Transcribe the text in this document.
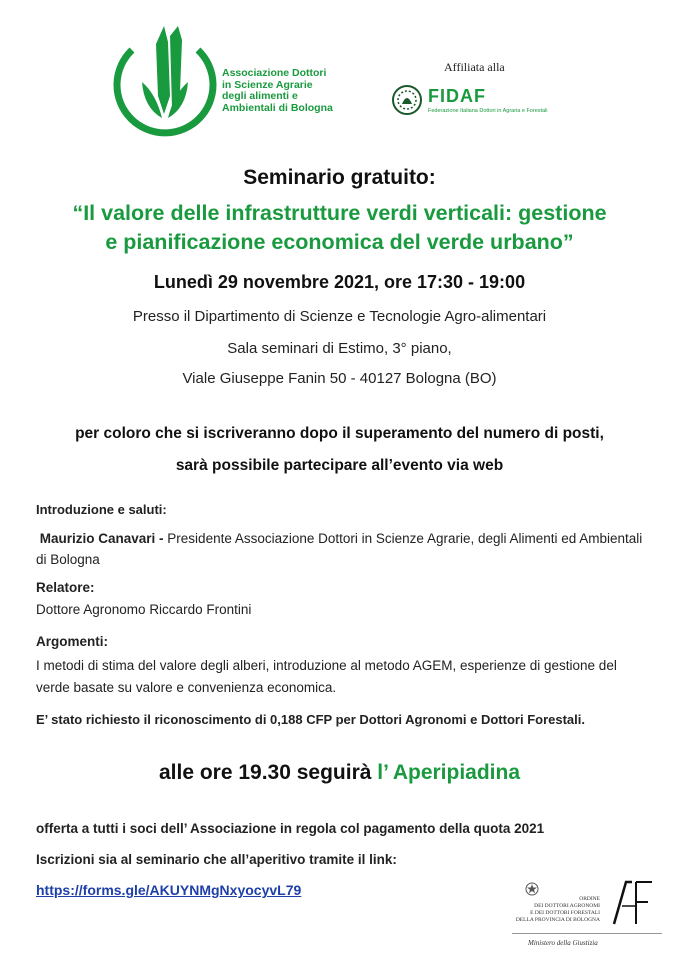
Associazione Dottori
in Scienze Agrarie
degli alimenti e
Ambientali di Bologna
Affiliata alla
FIDAF
Federazione Italiana Dottori in Agraria e Forestali
Seminario gratuito:
“Il valore delle infrastrutture verdi verticali: gestione
e pianificazione economica del verde urbano”
Lunedì 29 novembre 2021, ore 17:30 - 19:00
Presso il Dipartimento di Scienze e Tecnologie Agro-alimentari
Sala seminari di Estimo, 3° piano,
Viale Giuseppe Fanin 50 - 40127 Bologna (BO)
per coloro che si iscriveranno dopo il superamento del numero di posti,
sarà possibile partecipare all’evento via web
Introduzione e saluti:
Maurizio Canavari - Presidente Associazione Dottori in Scienze Agrarie, degli Alimenti ed Ambientali di Bologna
Relatore:
Dottore Agronomo Riccardo Frontini
Argomenti:
I metodi di stima del valore degli alberi, introduzione al metodo AGEM, esperienze di gestione del verde basate su valore e convenienza economica.
E’ stato richiesto il riconoscimento di 0,188 CFP per Dottori Agronomi e Dottori Forestali.
alle ore 19.30 seguirà l’ Aperipiadina
offerta a tutti i soci dell’ Associazione in regola col pagamento della quota 2021
Iscrizioni sia al seminario che all’aperitivo tramite il link:
https://forms.gle/AKUYNMgNxyocyvL79
ORDINE
DEI DOTTORI AGRONOMI
E DEI DOTTORI FORESTALI
DELLA PROVINCIA DI BOLOGNA
Ministero della Giustizia
